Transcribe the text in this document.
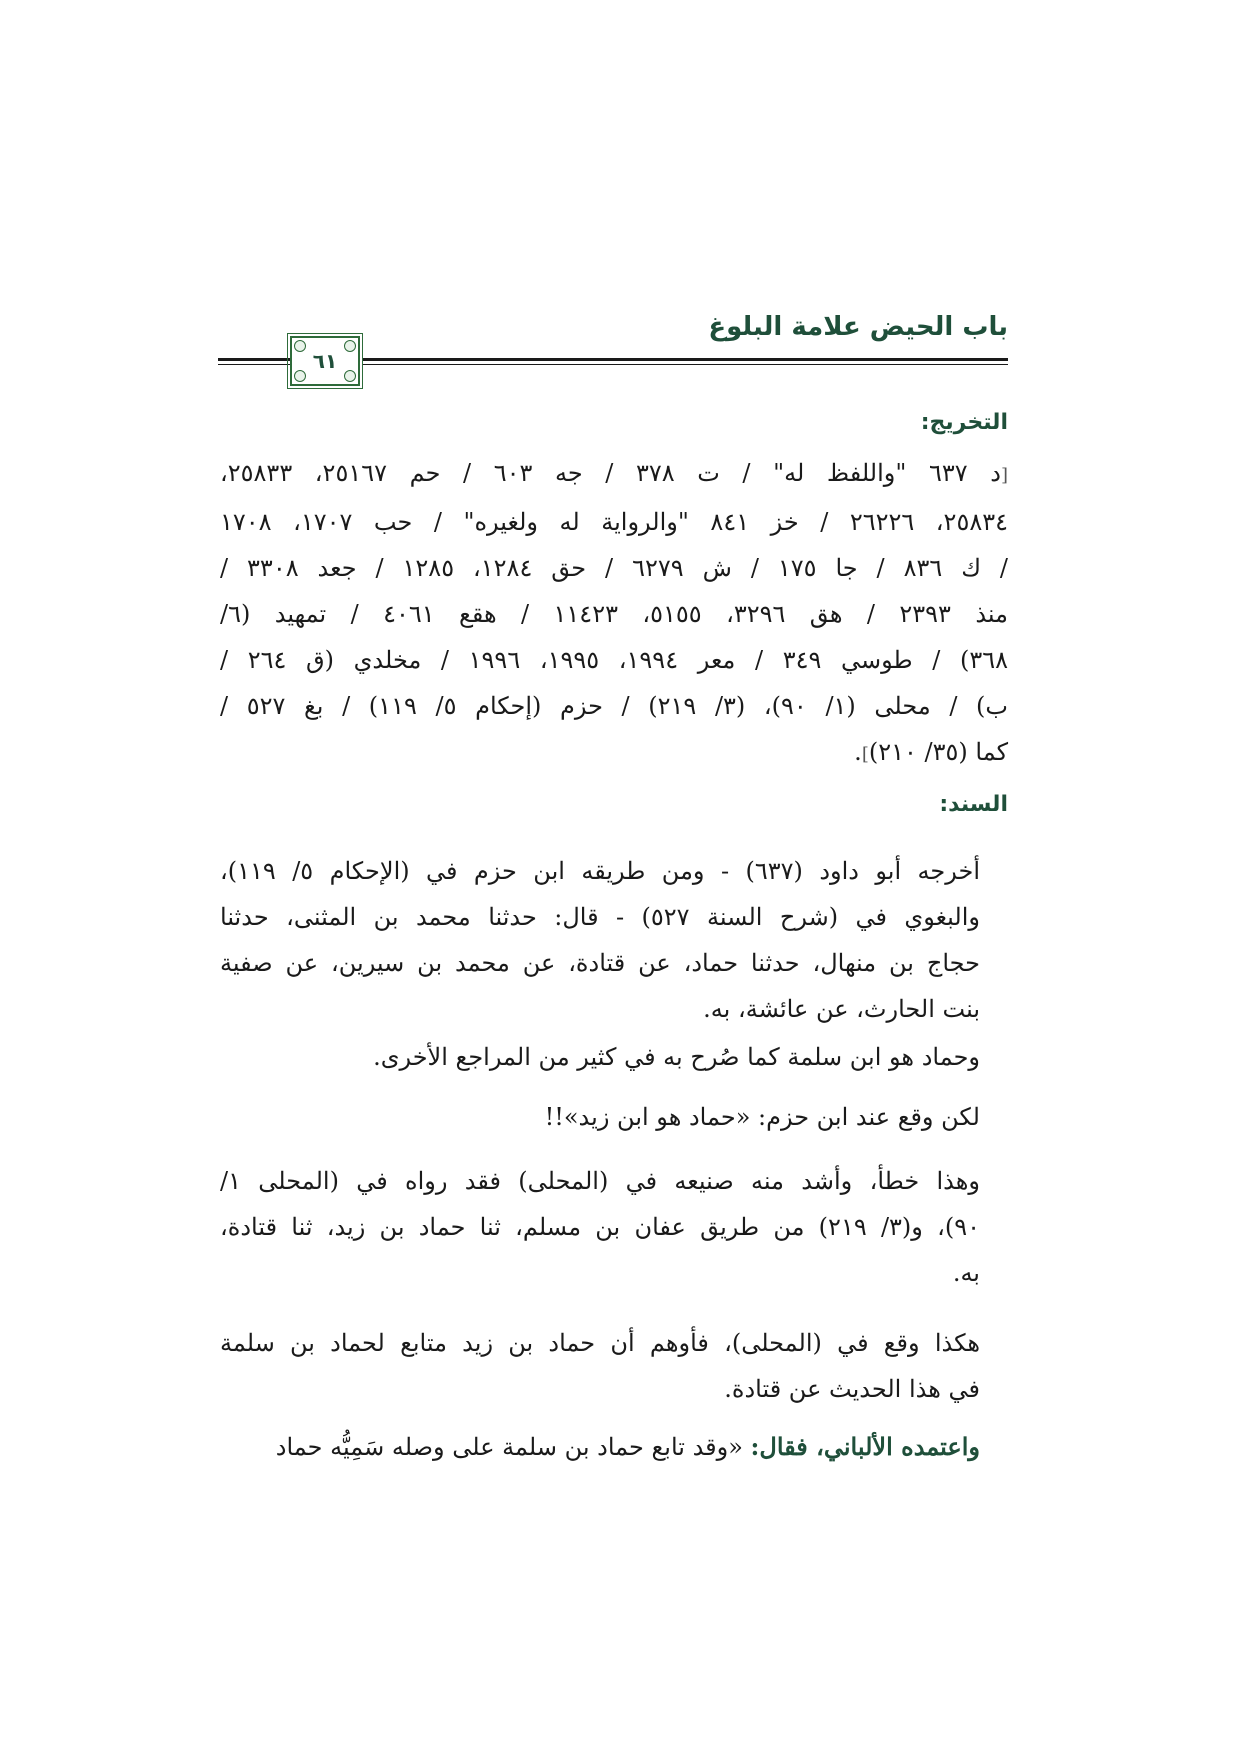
باب الحيض علامة البلوغ
٦١
التخريج:
[د ٦٣٧ "واللفظ له" / ت ٣٧٨ / جه ٦٠٣ / حم ٢٥١٦٧، ٢٥٨٣٣،
٢٥٨٣٤، ٢٦٢٢٦ / خز ٨٤١ "والرواية له ولغيره" / حب ١٧٠٧، ١٧٠٨
/ ك ٨٣٦ / جا ١٧٥ / ش ٦٢٧٩ / حق ١٢٨٤، ١٢٨٥ / جعد ٣٣٠٨ /
منذ ٢٣٩٣ / هق ٣٢٩٦، ٥١٥٥، ١١٤٢٣ / هقع ٤٠٦١ / تمهيد (٦/
٣٦٨) / طوسي ٣٤٩ / معر ١٩٩٤، ١٩٩٥، ١٩٩٦ / مخلدي (ق ٢٦٤ /
ب) / محلى (١/ ٩٠)، (٣/ ٢١٩) / حزم (إحكام ٥/ ١١٩) / بغ ٥٢٧ /
كما (٣٥/ ٢١٠)].
السند:
أخرجه أبو داود (٦٣٧) - ومن طريقه ابن حزم في (الإحكام ٥/ ١١٩)،
والبغوي في (شرح السنة ٥٢٧) - قال: حدثنا محمد بن المثنى، حدثنا
حجاج بن منهال، حدثنا حماد، عن قتادة، عن محمد بن سيرين، عن صفية
بنت الحارث، عن عائشة، به.
وحماد هو ابن سلمة كما صُرح به في كثير من المراجع الأخرى.
لكن وقع عند ابن حزم: «حماد هو ابن زيد»!!
وهذا خطأ، وأشد منه صنيعه في (المحلى) فقد رواه في (المحلى ١/
٩٠)، و(٣/ ٢١٩) من طريق عفان بن مسلم، ثنا حماد بن زيد، ثنا قتادة،
به.
هكذا وقع في (المحلى)، فأوهم أن حماد بن زيد متابع لحماد بن سلمة
في هذا الحديث عن قتادة.
واعتمده الألباني، فقال: «وقد تابع حماد بن سلمة على وصله سَمِيُّه حماد
